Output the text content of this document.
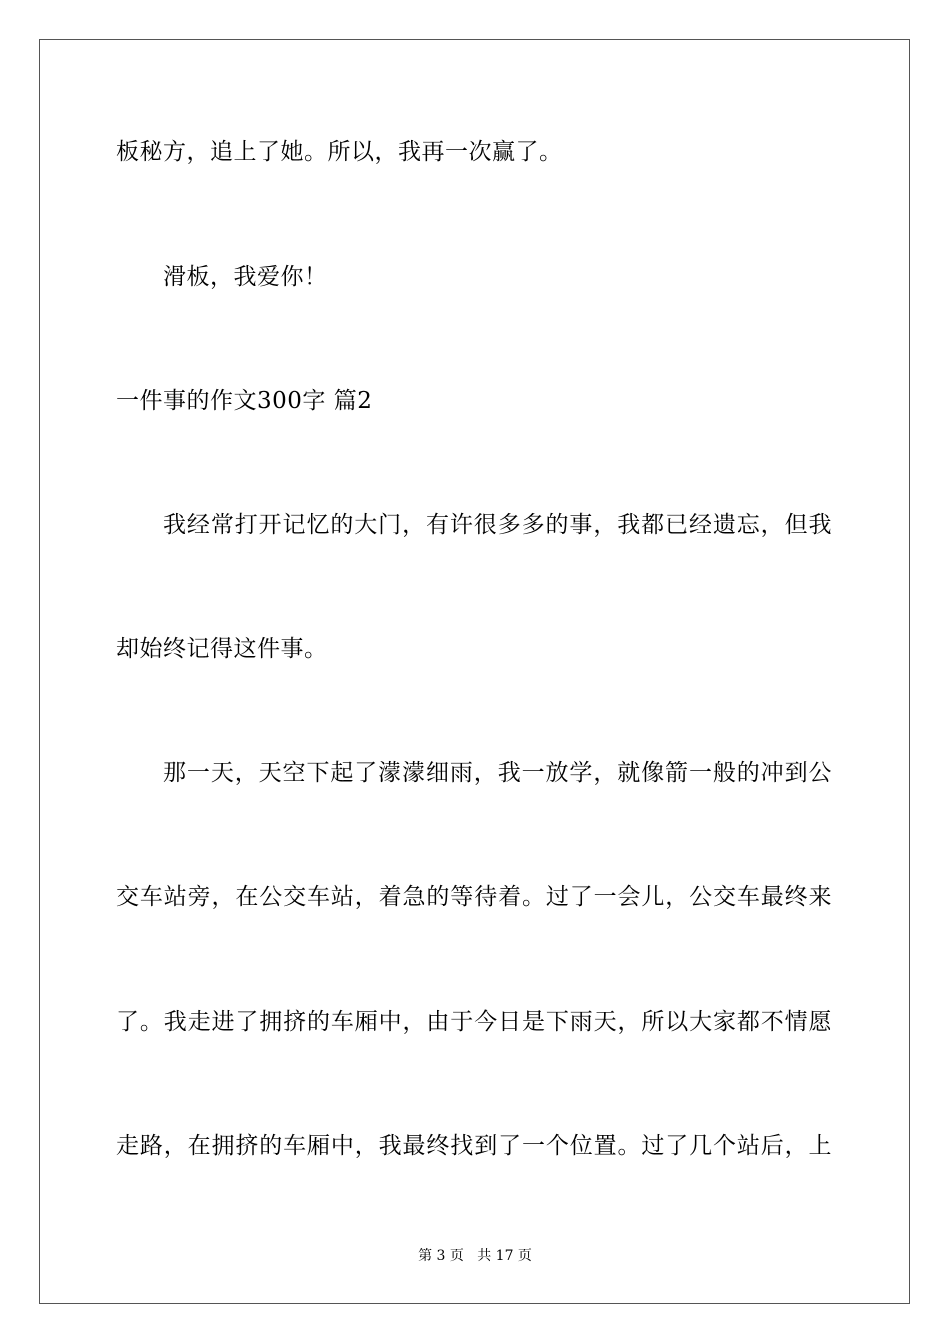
板秘方，追上了她。所以，我再一次赢了。
滑板，我爱你！
一件事的作文300字 篇2
我经常打开记忆的大门，有许很多多的事，我都已经遗忘，但我
却始终记得这件事。
那一天，天空下起了濛濛细雨，我一放学，就像箭一般的冲到公
交车站旁，在公交车站，着急的等待着。过了一会儿，公交车最终来
了。我走进了拥挤的车厢中，由于今日是下雨天，所以大家都不情愿
走路，在拥挤的车厢中，我最终找到了一个位置。过了几个站后，上
第 3 页   共 17 页
